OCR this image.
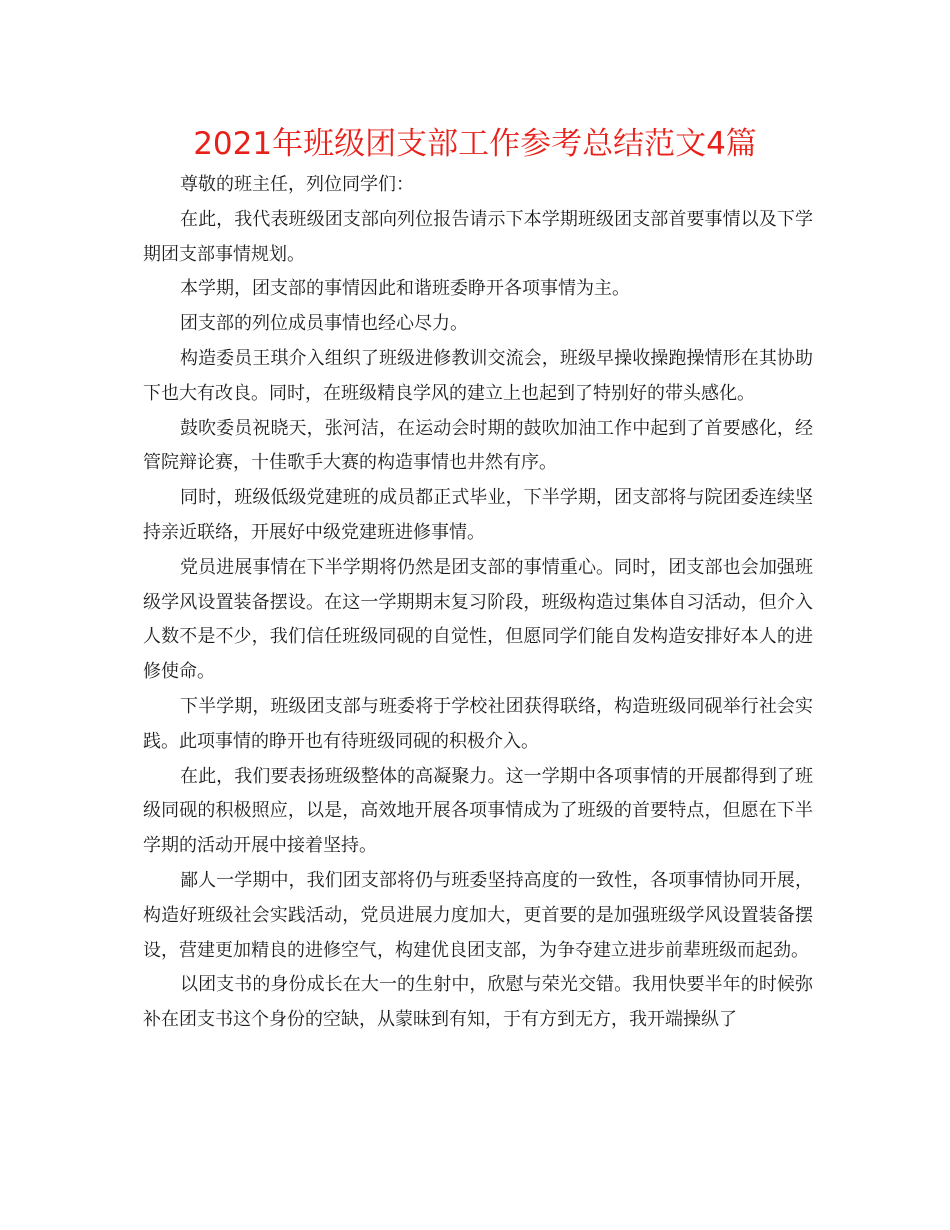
2021年班级团支部工作参考总结范文4篇

尊敬的班主任，列位同学们：

在此，我代表班级团支部向列位报告请示下本学期班级团支部首要事情以及下学期团支部事情规划。

本学期，团支部的事情因此和谐班委睁开各项事情为主。

团支部的列位成员事情也经心尽力。

构造委员王琪介入组织了班级进修教训交流会，班级早操收操跑操情形在其协助下也大有改良。同时，在班级精良学风的建立上也起到了特别好的带头感化。

鼓吹委员祝晓天，张河洁，在运动会时期的鼓吹加油工作中起到了首要感化，经管院辩论赛，十佳歌手大赛的构造事情也井然有序。

同时，班级低级党建班的成员都正式毕业，下半学期，团支部将与院团委连续坚持亲近联络，开展好中级党建班进修事情。

党员进展事情在下半学期将仍然是团支部的事情重心。同时，团支部也会加强班级学风设置装备摆设。在这一学期期末复习阶段，班级构造过集体自习活动，但介入人数不是不少，我们信任班级同砚的自觉性，但愿同学们能自发构造安排好本人的进修使命。

下半学期，班级团支部与班委将于学校社团获得联络，构造班级同砚举行社会实践。此项事情的睁开也有待班级同砚的积极介入。

在此，我们要表扬班级整体的高凝聚力。这一学期中各项事情的开展都得到了班级同砚的积极照应，以是，高效地开展各项事情成为了班级的首要特点，但愿在下半学期的活动开展中接着坚持。

鄙人一学期中，我们团支部将仍与班委坚持高度的一致性，各项事情协同开展，构造好班级社会实践活动，党员进展力度加大，更首要的是加强班级学风设置装备摆设，营建更加精良的进修空气，构建优良团支部，为争夺建立进步前辈班级而起劲。

以团支书的身份成长在大一的生射中，欣慰与荣光交错。我用快要半年的时候弥补在团支书这个身份的空缺，从蒙昧到有知，于有方到无方，我开端操纵了
